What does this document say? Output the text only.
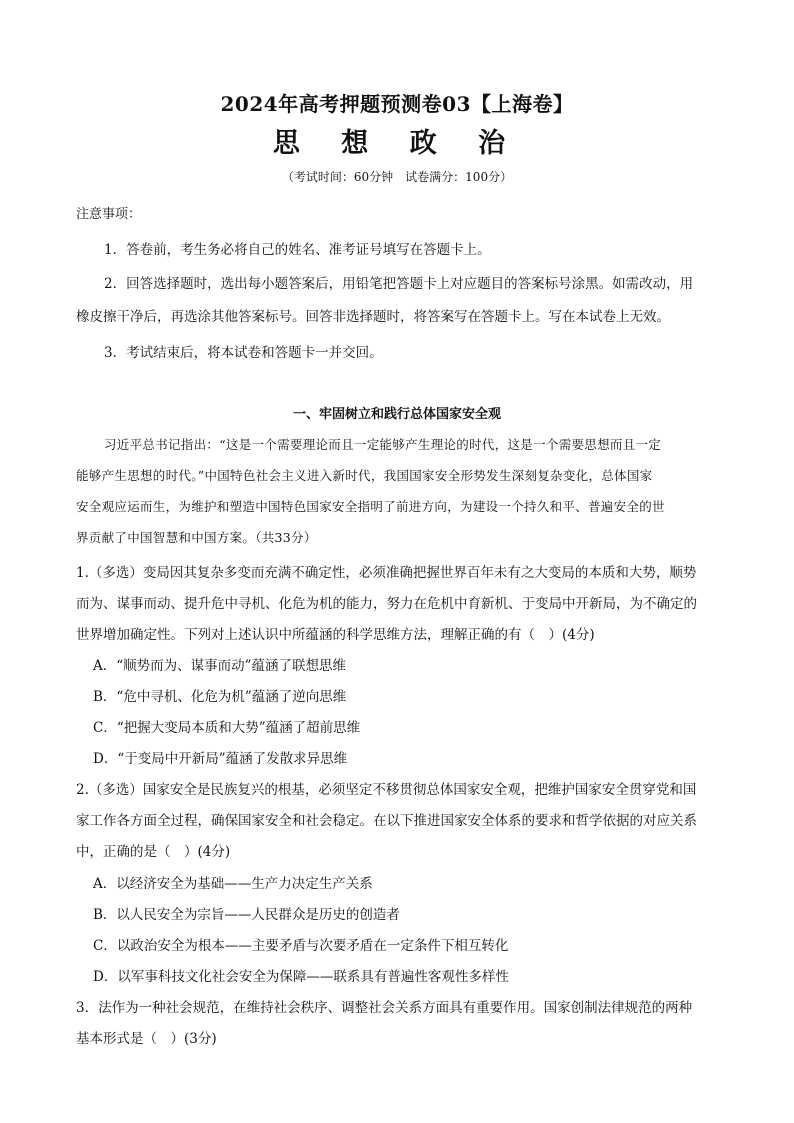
2024年高考押题预测卷03【上海卷】
思 想 政 治
（考试时间：60分钟　试卷满分：100分）
注意事项：
1．答卷前，考生务必将自己的姓名、准考证号填写在答题卡上。
2．回答选择题时，选出每小题答案后，用铅笔把答题卡上对应题目的答案标号涂黑。如需改动，用
橡皮擦干净后，再选涂其他答案标号。回答非选择题时，将答案写在答题卡上。写在本试卷上无效。
3．考试结束后，将本试卷和答题卡一并交回。
一、牢固树立和践行总体国家安全观
习近平总书记指出：“这是一个需要理论而且一定能够产生理论的时代，这是一个需要思想而且一定
能够产生思想的时代。”中国特色社会主义进入新时代，我国国家安全形势发生深刻复杂变化，总体国家
安全观应运而生，为维护和塑造中国特色国家安全指明了前进方向，为建设一个持久和平、普遍安全的世
界贡献了中国智慧和中国方案。（共33分）
1.（多选）变局因其复杂多变而充满不确定性，必须准确把握世界百年未有之大变局的本质和大势，顺势
而为、谋事而动、提升危中寻机、化危为机的能力，努力在危机中育新机、于变局中开新局，为不确定的
世界增加确定性。下列对上述认识中所蕴涵的科学思维方法，理解正确的有（　）(4分)
A．“顺势而为、谋事而动”蕴涵了联想思维
B．“危中寻机、化危为机”蕴涵了逆向思维
C．“把握大变局本质和大势”蕴涵了超前思维
D．“于变局中开新局”蕴涵了发散求异思维
2.（多选）国家安全是民族复兴的根基，必须坚定不移贯彻总体国家安全观，把维护国家安全贯穿党和国
家工作各方面全过程，确保国家安全和社会稳定。在以下推进国家安全体系的要求和哲学依据的对应关系
中，正确的是（　）(4分)
A．以经济安全为基础——生产力决定生产关系
B．以人民安全为宗旨——人民群众是历史的创造者
C．以政治安全为根本——主要矛盾与次要矛盾在一定条件下相互转化
D．以军事科技文化社会安全为保障——联系具有普遍性客观性多样性
3．法作为一种社会规范，在维持社会秩序、调整社会关系方面具有重要作用。国家创制法律规范的两种
基本形式是（　）(3分)
